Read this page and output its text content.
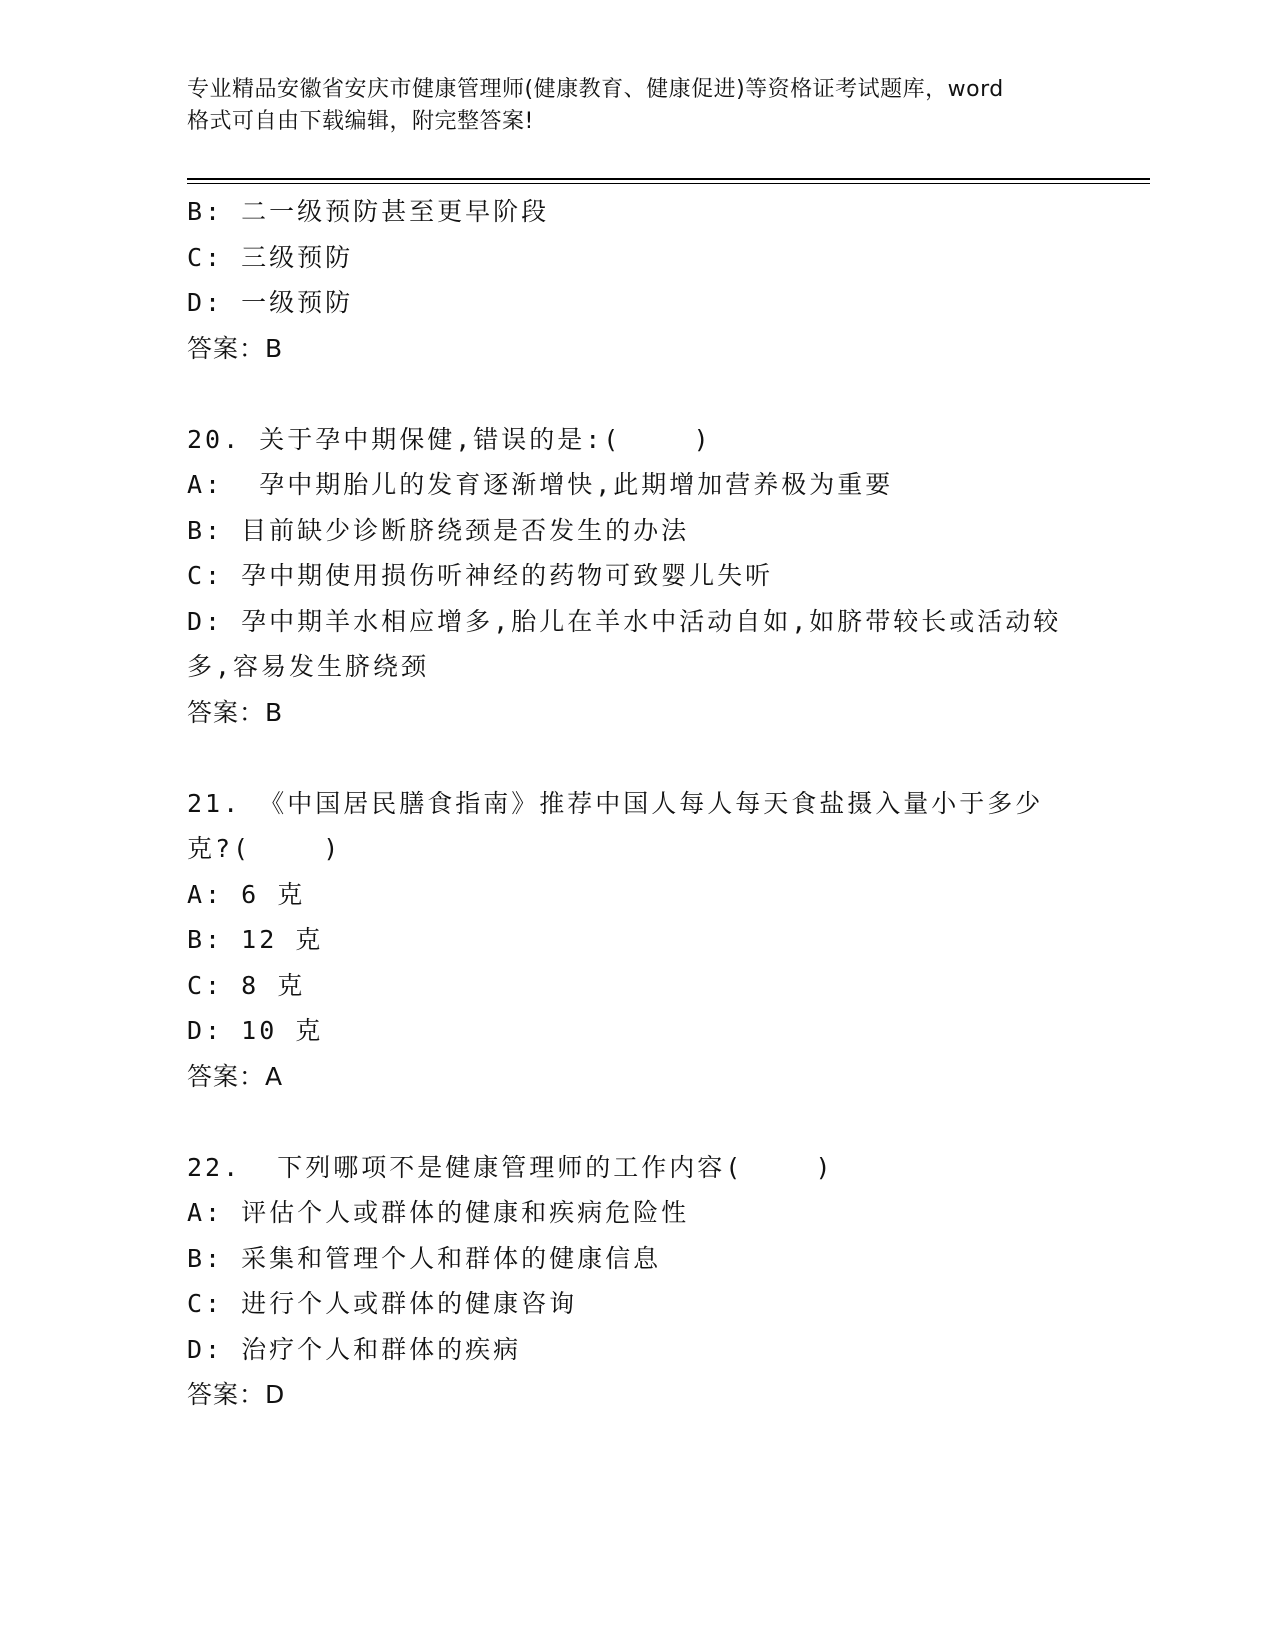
专业精品安徽省安庆市健康管理师(健康教育、健康促进)等资格证考试题库，word
格式可自由下载编辑，附完整答案!
B: 二一级预防甚至更早阶段
C: 三级预防
D: 一级预防
答案：B
20. 关于孕中期保健,错误的是:(    )
A:  孕中期胎儿的发育逐渐增快,此期增加营养极为重要
B: 目前缺少诊断脐绕颈是否发生的办法
C: 孕中期使用损伤听神经的药物可致婴儿失听
D: 孕中期羊水相应增多,胎儿在羊水中活动自如,如脐带较长或活动较
多,容易发生脐绕颈
答案：B
21. 《中国居民膳食指南》推荐中国人每人每天食盐摄入量小于多少
克?(    )
A: 6 克
B: 12 克
C: 8 克
D: 10 克
答案：A
22.  下列哪项不是健康管理师的工作内容(    )
A: 评估个人或群体的健康和疾病危险性
B: 采集和管理个人和群体的健康信息
C: 进行个人或群体的健康咨询
D: 治疗个人和群体的疾病
答案：D
